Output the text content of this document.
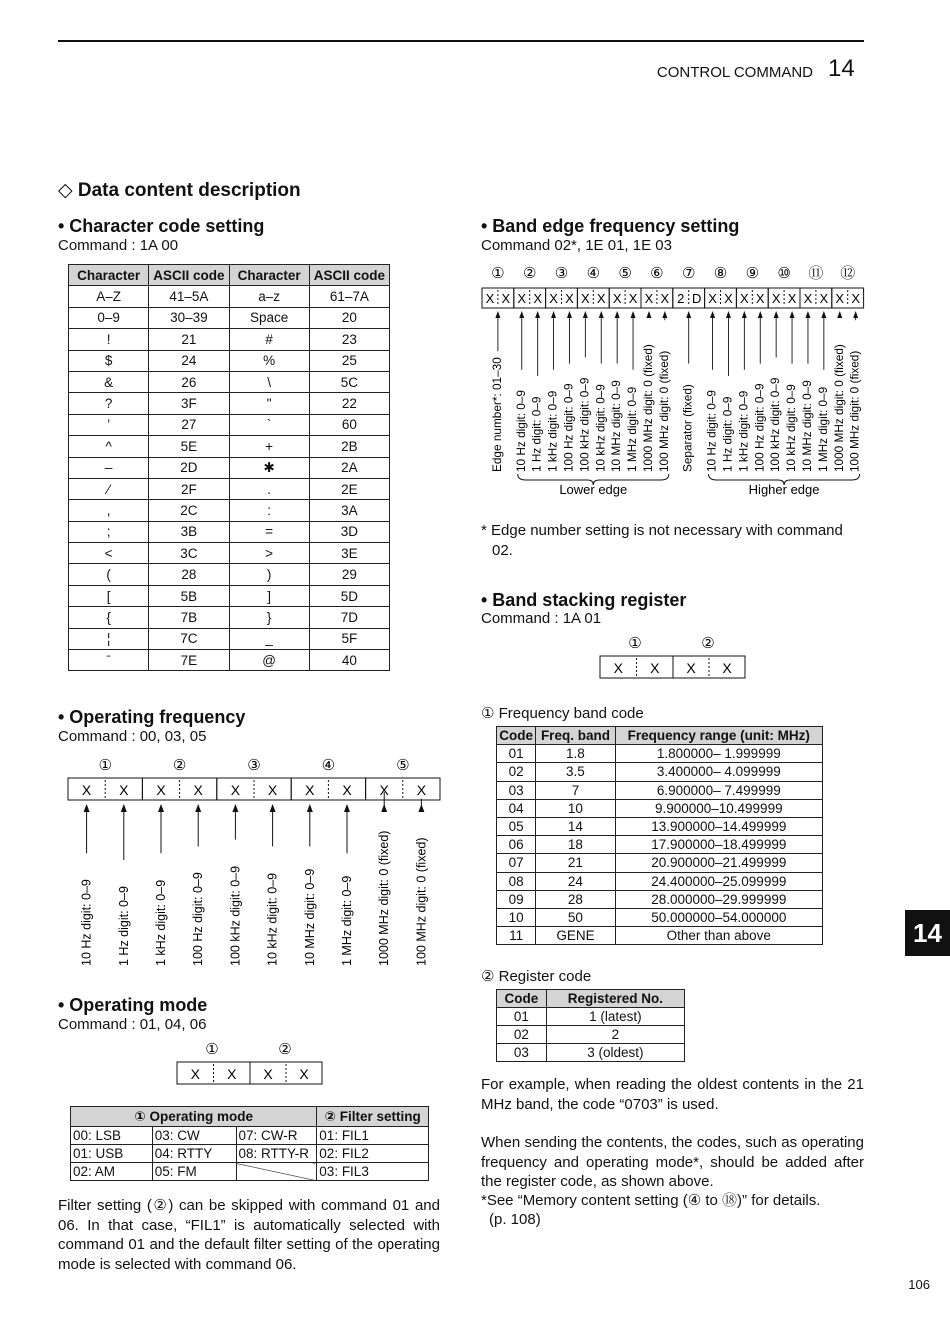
CONTROL COMMAND 14
◇ Data content description
• Character code setting
Command : 1A 00
Character	ASCII code	Character	ASCII code
A–Z	41–5A	a–z	61–7A
0–9	30–39	Space	20
!	21	#	23
$	24	%	25
&	26	\	5C
?	3F	"	22
’	27	`	60
^	5E	+	2B
–	2D	✱	2A
⁄	2F	.	2E
,	2C	:	3A
;	3B	=	3D
<	3C	>	3E
(	28	)	29
[	5B	]	5D
{	7B	}	7D
¦	7C	_	5F
ˉ	7E	@	40
• Operating frequency
Command : 00, 03, 05
①	②	③	④	⑤
X X X X X X X X X X
10 Hz digit: 0–9 1 Hz digit: 0–9 1 kHz digit: 0–9 100 Hz digit: 0–9 100 kHz digit: 0–9 10 kHz digit: 0–9 10 MHz digit: 0–9 1 MHz digit: 0–9 1000 MHz digit: 0 (fixed) 100 MHz digit: 0 (fixed)
• Operating mode
Command : 01, 04, 06
①	②
X X X X
① Operating mode			② Filter setting
00: LSB	03: CW	07: CW-R	01: FIL1
01: USB	04: RTTY	08: RTTY-R	02: FIL2
02: AM	05: FM		03: FIL3
Filter setting (②) can be skipped with command 01 and 06. In that case, “FIL1” is automatically selected with command 01 and the default filter setting of the operating mode is selected with command 06.
• Band edge frequency setting
Command 02*, 1E 01, 1E 03
① ② ③ ④ ⑤ ⑥ ⑦ ⑧ ⑨ ⑩ ⑪ ⑫
X X X X X X X X X X X X 2 D X X X X X X X X X X
Edge number*: 01–30 10 Hz digit: 0–9 1 Hz digit: 0–9 1 kHz digit: 0–9 100 Hz digit: 0–9 100 kHz digit: 0–9 10 kHz digit: 0–9 10 MHz digit: 0–9 1 MHz digit: 0–9 1000 MHz digit: 0 (fixed) 100 MHz digit: 0 (fixed) Separator (fixed) 10 Hz digit: 0–9 1 Hz digit: 0–9 1 kHz digit: 0–9 100 Hz digit: 0–9 100 kHz digit: 0–9 10 kHz digit: 0–9 10 MHz digit: 0–9 1 MHz digit: 0–9 1000 MHz digit: 0 (fixed) 100 MHz digit: 0 (fixed)
Lower edge	Higher edge
* Edge number setting is not necessary with command 02.
• Band stacking register
Command : 1A 01
①	②
X X X X
① Frequency band code
Code	Freq. band	Frequency range (unit: MHz)
01	1.8	1.800000– 1.999999
02	3.5	3.400000– 4.099999
03	7	6.900000– 7.499999
04	10	9.900000–10.499999
05	14	13.900000–14.499999
06	18	17.900000–18.499999
07	21	20.900000–21.499999
08	24	24.400000–25.099999
09	28	28.000000–29.999999
10	50	50.000000–54.000000
11	GENE	Other than above
② Register code
Code	Registered No.
01	1 (latest)
02	2
03	3 (oldest)
For example, when reading the oldest contents in the 21 MHz band, the code “0703” is used.
When sending the contents, the codes, such as operating frequency and operating mode*, should be added after the register code, as shown above.
*See “Memory content setting (④ to ⑱)” for details.
(p. 108)
14
106
